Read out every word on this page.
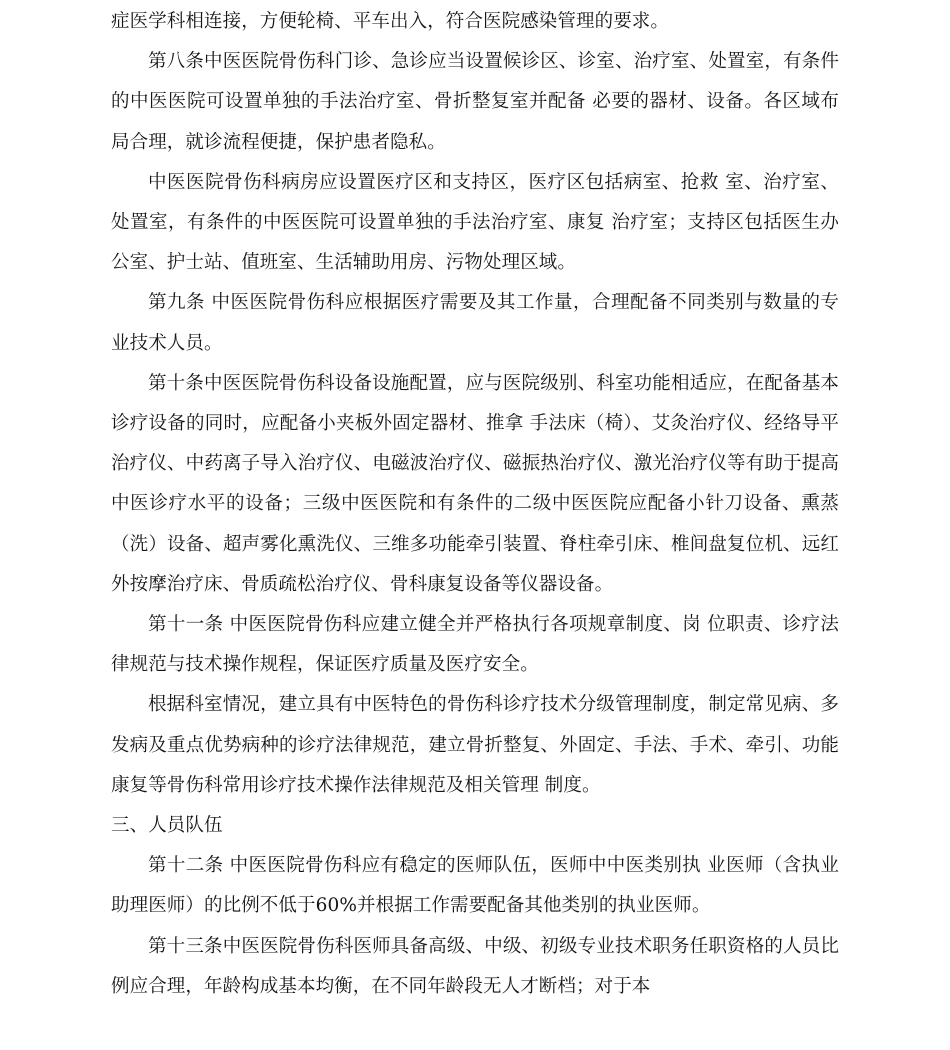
症医学科相连接，方便轮椅、平车出入，符合医院感染管理的要求。

第八条中医医院骨伤科门诊、急诊应当设置候诊区、诊室、治疗室、处置室，有条件的中医医院可设置单独的手法治疗室、骨折整复室并配备 必要的器材、设备。各区域布局合理，就诊流程便捷，保护患者隐私。

中医医院骨伤科病房应设置医疗区和支持区，医疗区包括病室、抢救 室、治疗室、处置室，有条件的中医医院可设置单独的手法治疗室、康复 治疗室；支持区包括医生办公室、护士站、值班室、生活辅助用房、污物处理区域。

第九条 中医医院骨伤科应根据医疗需要及其工作量，合理配备不同类别与数量的专业技术人员。

第十条中医医院骨伤科设备设施配置，应与医院级别、科室功能相适应，在配备基本诊疗设备的同时，应配备小夹板外固定器材、推拿 手法床（椅）、艾灸治疗仪、经络导平治疗仪、中药离子导入治疗仪、电磁波治疗仪、磁振热治疗仪、激光治疗仪等有助于提高中医诊疗水平的设备；三级中医医院和有条件的二级中医医院应配备小针刀设备、熏蒸（洗）设备、超声雾化熏洗仪、三维多功能牵引装置、脊柱牵引床、椎间盘复位机、远红外按摩治疗床、骨质疏松治疗仪、骨科康复设备等仪器设备。

第十一条 中医医院骨伤科应建立健全并严格执行各项规章制度、岗 位职责、诊疗法律规范与技术操作规程，保证医疗质量及医疗安全。

根据科室情况，建立具有中医特色的骨伤科诊疗技术分级管理制度，制定常见病、多发病及重点优势病种的诊疗法律规范，建立骨折整复、外固定、手法、手术、牵引、功能康复等骨伤科常用诊疗技术操作法律规范及相关管理 制度。

三、人员队伍

第十二条 中医医院骨伤科应有稳定的医师队伍，医师中中医类别执 业医师（含执业助理医师）的比例不低于60%并根据工作需要配备其他类别的执业医师。

第十三条中医医院骨伤科医师具备高级、中级、初级专业技术职务任职资格的人员比例应合理，年龄构成基本均衡，在不同年龄段无人才断档；对于本
